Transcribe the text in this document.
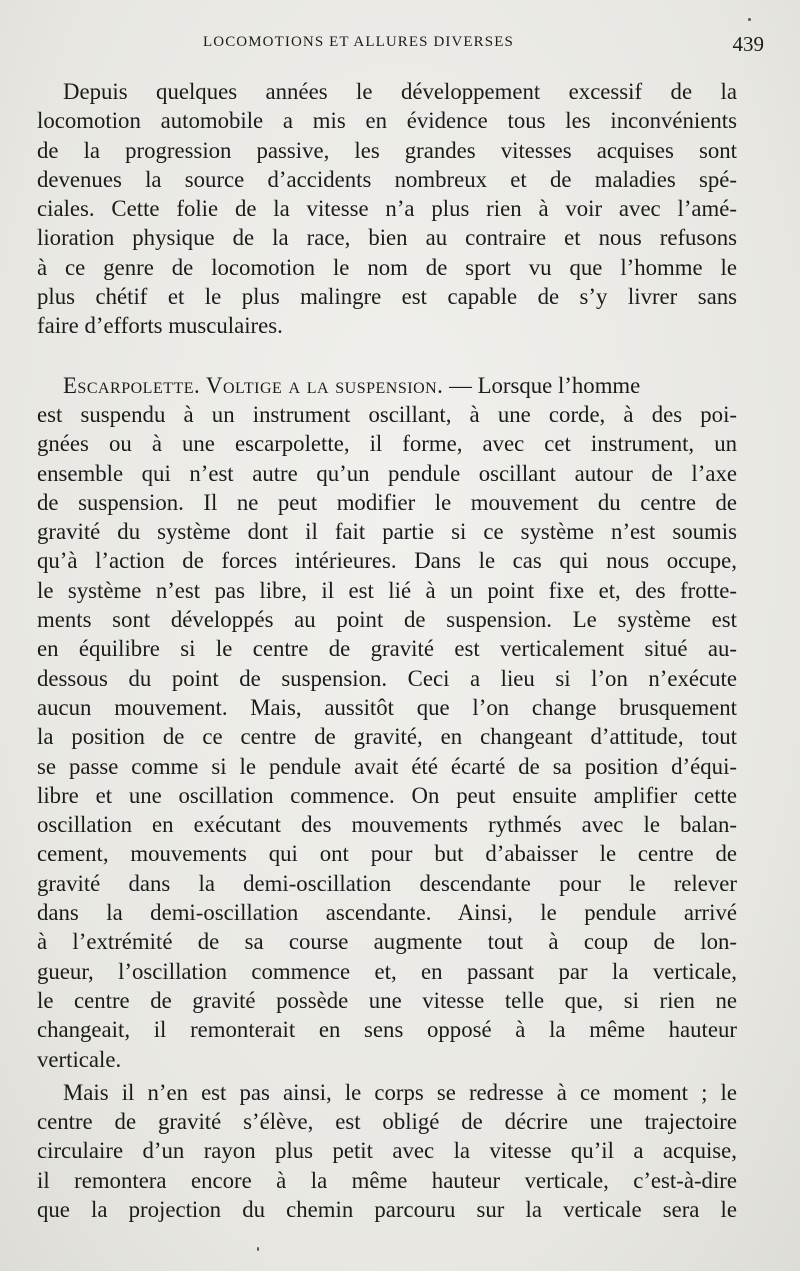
LOCOMOTIONS ET ALLURES DIVERSES	439
Depuis quelques années le développement excessif de la
locomotion automobile a mis en évidence tous les inconvénients
de la progression passive, les grandes vitesses acquises sont
devenues la source d’accidents nombreux et de maladies spé-
ciales. Cette folie de la vitesse n’a plus rien à voir avec l’amé-
lioration physique de la race, bien au contraire et nous refusons
à ce genre de locomotion le nom de sport vu que l’homme le
plus chétif et le plus malingre est capable de s’y livrer sans
faire d’efforts musculaires.
Escarpolette. Voltige a la suspension. — Lorsque l’homme
est suspendu à un instrument oscillant, à une corde, à des poi-
gnées ou à une escarpolette, il forme, avec cet instrument, un
ensemble qui n’est autre qu’un pendule oscillant autour de l’axe
de suspension. Il ne peut modifier le mouvement du centre de
gravité du système dont il fait partie si ce système n’est soumis
qu’à l’action de forces intérieures. Dans le cas qui nous occupe,
le système n’est pas libre, il est lié à un point fixe et, des frotte-
ments sont développés au point de suspension. Le système est
en équilibre si le centre de gravité est verticalement situé au-
dessous du point de suspension. Ceci a lieu si l’on n’exécute
aucun mouvement. Mais, aussitôt que l’on change brusquement
la position de ce centre de gravité, en changeant d’attitude, tout
se passe comme si le pendule avait été écarté de sa position d’équi-
libre et une oscillation commence. On peut ensuite amplifier cette
oscillation en exécutant des mouvements rythmés avec le balan-
cement, mouvements qui ont pour but d’abaisser le centre de
gravité dans la demi-oscillation descendante pour le relever
dans la demi-oscillation ascendante. Ainsi, le pendule arrivé
à l’extrémité de sa course augmente tout à coup de lon-
gueur, l’oscillation commence et, en passant par la verticale,
le centre de gravité possède une vitesse telle que, si rien ne
changeait, il remonterait en sens opposé à la même hauteur
verticale.
Mais il n’en est pas ainsi, le corps se redresse à ce moment ; le
centre de gravité s’élève, est obligé de décrire une trajectoire
circulaire d’un rayon plus petit avec la vitesse qu’il a acquise,
il remontera encore à la même hauteur verticale, c’est-à-dire
que la projection du chemin parcouru sur la verticale sera le
